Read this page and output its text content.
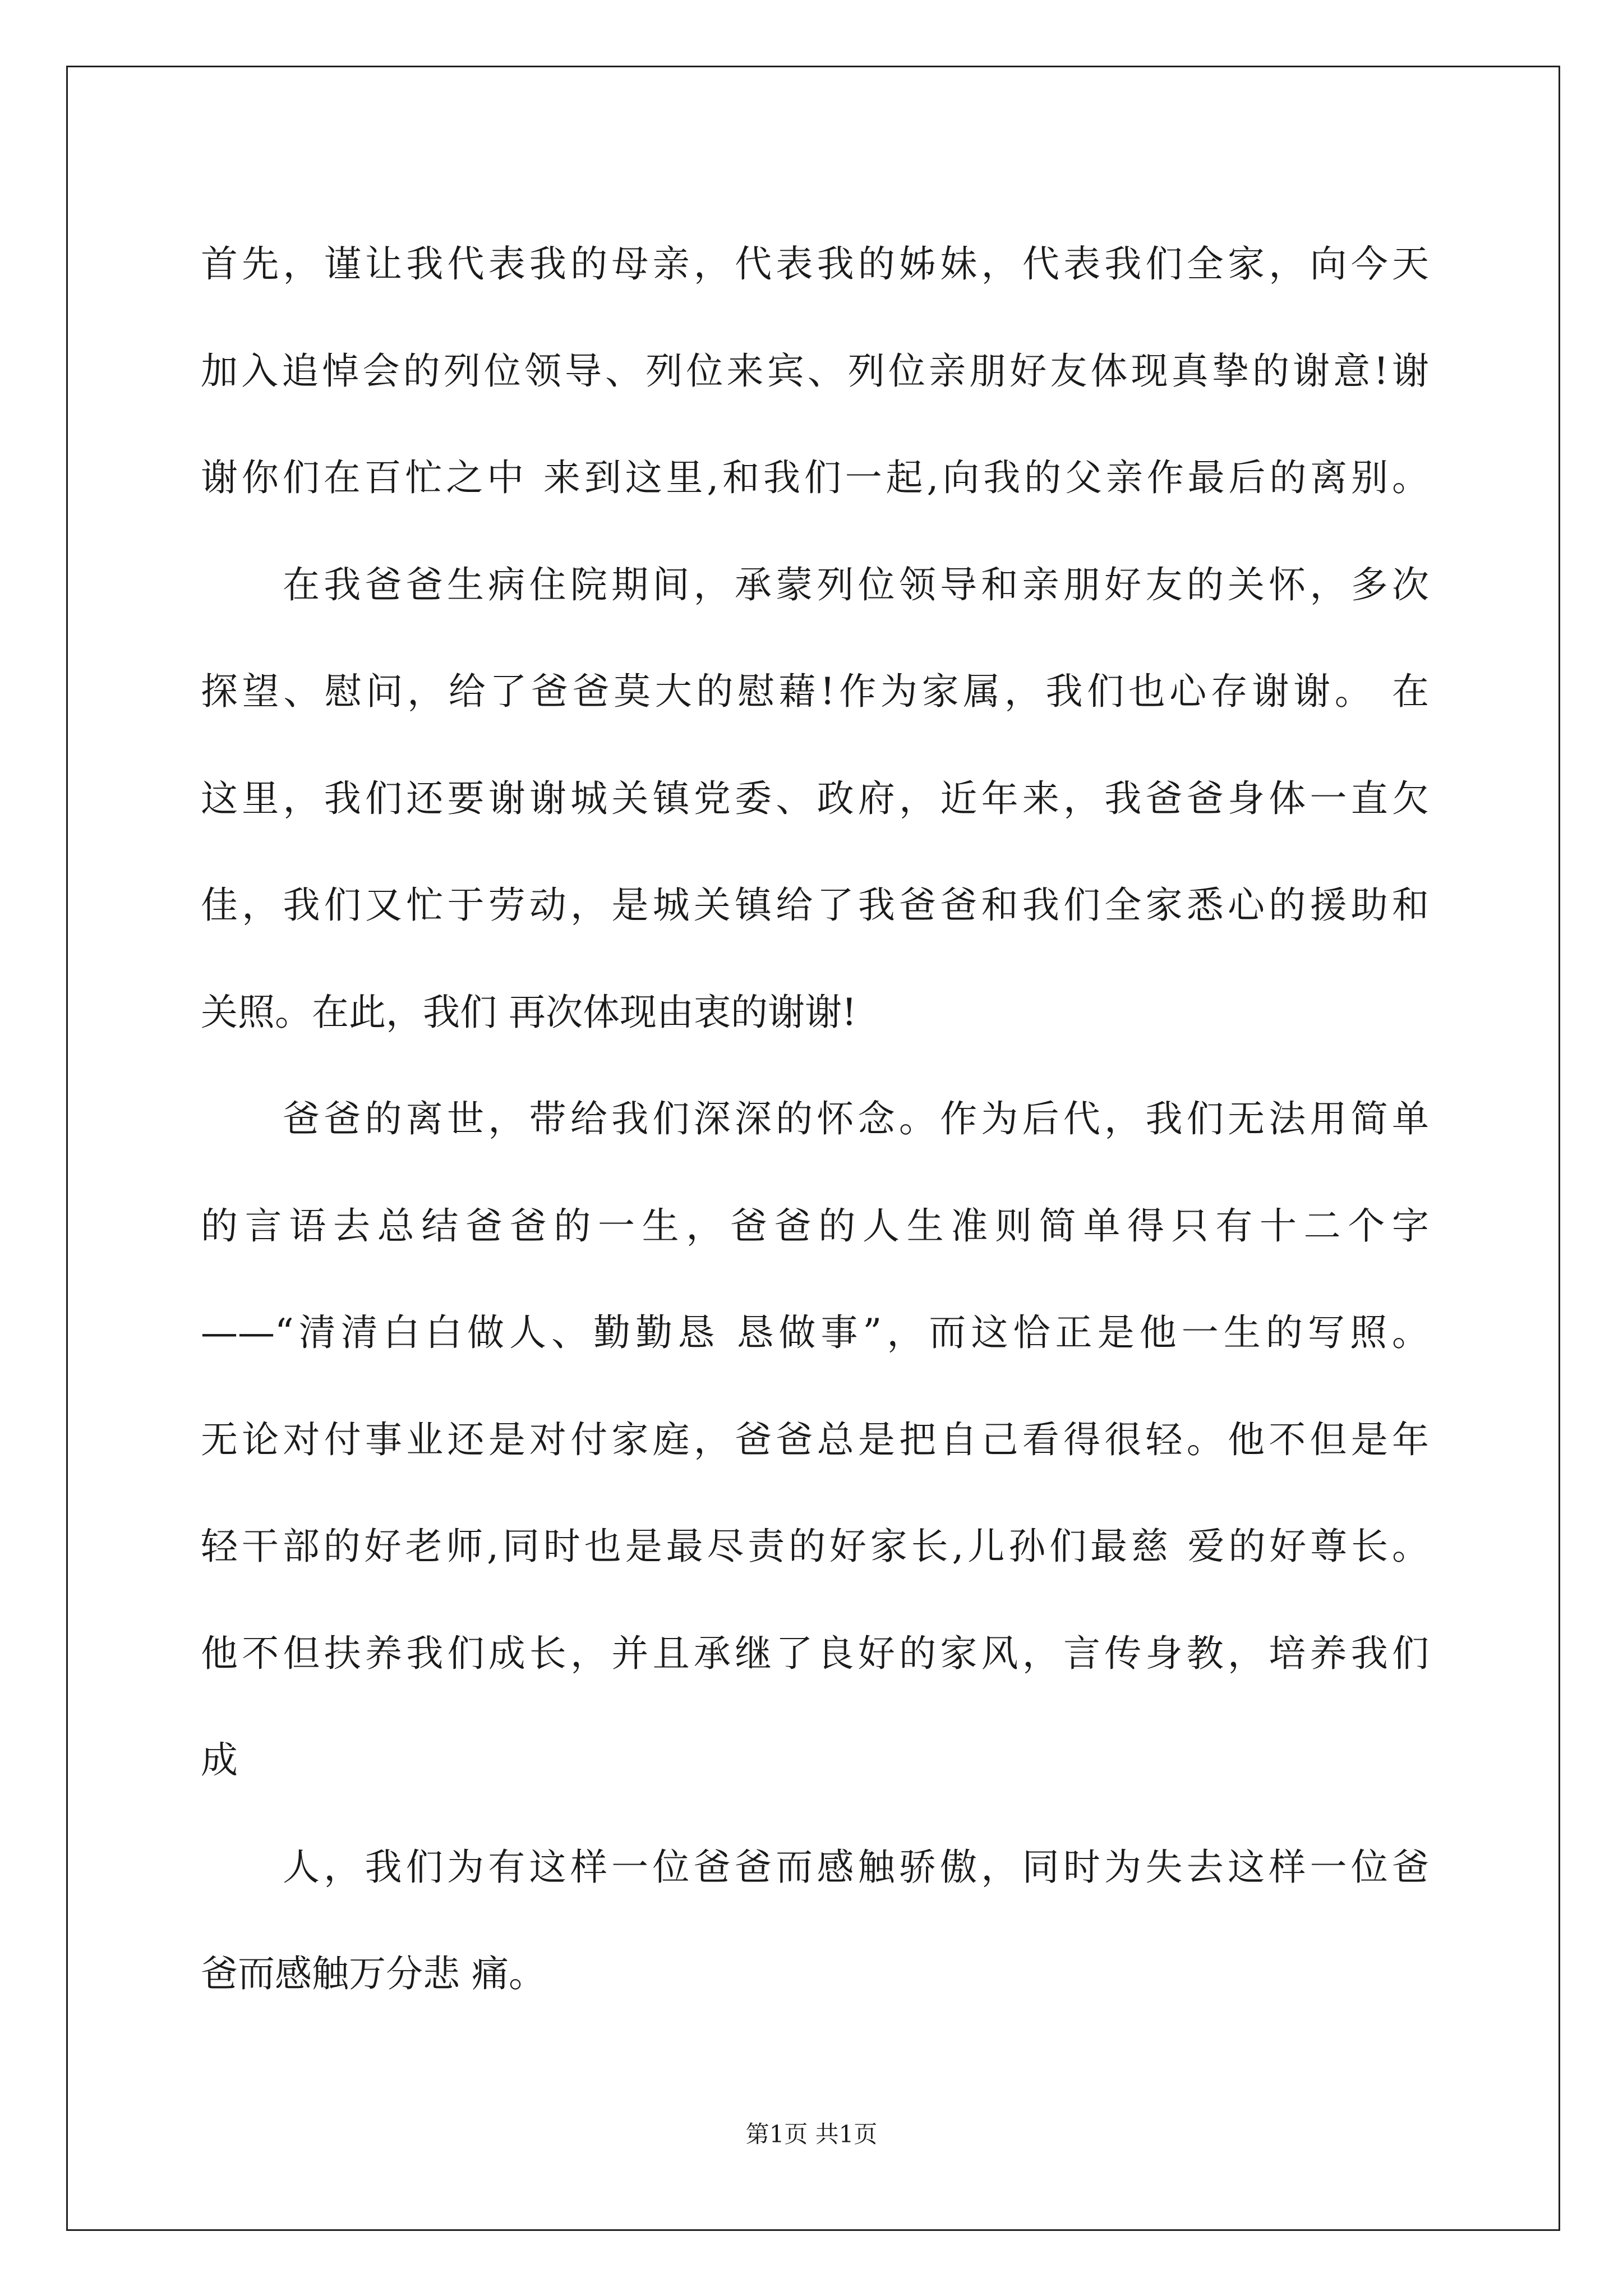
首先，谨让我代表我的母亲，代表我的姊妹，代表我们全家，向今天
加入追悼会的列位领导、列位来宾、列位亲朋好友体现真挚的谢意!谢
谢你们在百忙之中 来到这里,和我们一起,向我的父亲作最后的离别。
在我爸爸生病住院期间，承蒙列位领导和亲朋好友的关怀，多次
探望、慰问，给了爸爸莫大的慰藉!作为家属，我们也心存谢谢。 在
这里，我们还要谢谢城关镇党委、政府，近年来，我爸爸身体一直欠
佳，我们又忙于劳动，是城关镇给了我爸爸和我们全家悉心的援助和
关照。在此，我们 再次体现由衷的谢谢!
爸爸的离世，带给我们深深的怀念。作为后代，我们无法用简单
的言语去总结爸爸的一生，爸爸的人生准则简单得只有十二个字
——“清清白白做人、勤勤恳 恳做事”，而这恰正是他一生的写照。
无论对付事业还是对付家庭，爸爸总是把自己看得很轻。他不但是年
轻干部的好老师,同时也是最尽责的好家长,儿孙们最慈 爱的好尊长。
他不但扶养我们成长，并且承继了良好的家风，言传身教，培养我们
成
人，我们为有这样一位爸爸而感触骄傲，同时为失去这样一位爸
爸而感触万分悲 痛。
第1页 共1页
